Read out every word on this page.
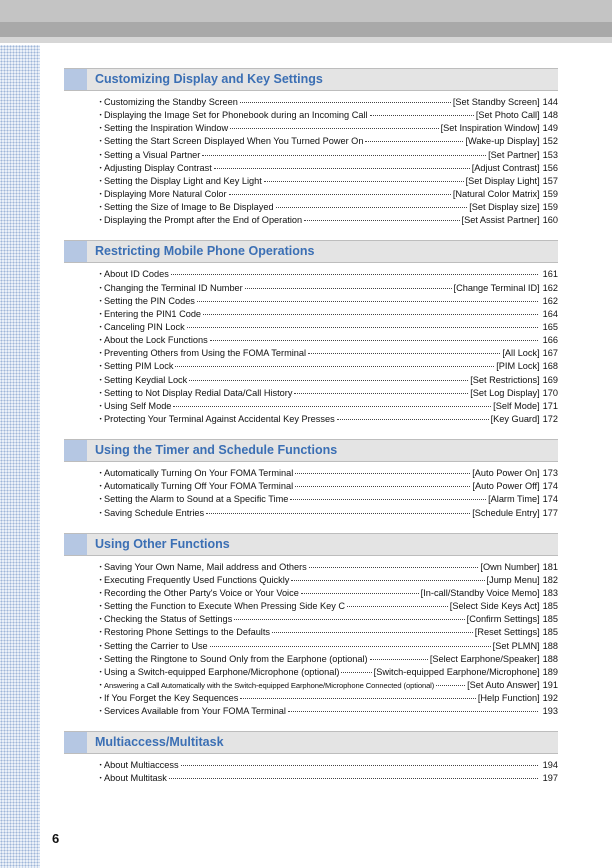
Customizing Display and Key Settings
・
Customizing the Standby Screen	[Set Standby Screen] 144
・
Displaying the Image Set for Phonebook during an Incoming Call	[Set Photo Call] 148
・
Setting the Inspiration Window	[Set Inspiration Window] 149
・
Setting the Start Screen Displayed When You Turned Power On	[Wake-up Display] 152
・
Setting a Visual Partner	[Set Partner] 153
・
Adjusting Display Contrast	[Adjust Contrast] 156
・
Setting the Display Light and Key Light	[Set Display Light] 157
・
Displaying More Natural Color	[Natural Color Matrix] 159
・
Setting the Size of Image to Be Displayed	[Set Display size] 159
・
Displaying the Prompt after the End of Operation	[Set Assist Partner] 160
Restricting Mobile Phone Operations
・
About ID Codes	161
・
Changing the Terminal ID Number	[Change Terminal ID] 162
・
Setting the PIN Codes	162
・
Entering the PIN1 Code	164
・
Canceling PIN Lock	165
・
About the Lock Functions	166
・
Preventing Others from Using the FOMA Terminal	[All Lock] 167
・
Setting PIM Lock	[PIM Lock] 168
・
Setting Keydial Lock	[Set Restrictions] 169
・
Setting to Not Display Redial Data/Call History	[Set Log Display] 170
・
Using Self Mode	[Self Mode] 171
・
Protecting Your Terminal Against Accidental Key Presses	[Key Guard] 172
Using the Timer and Schedule Functions
・
Automatically Turning On Your FOMA Terminal	[Auto Power On] 173
・
Automatically Turning Off Your FOMA Terminal	[Auto Power Off] 174
・
Setting the Alarm to Sound at a Specific Time	[Alarm Time] 174
・
Saving Schedule Entries	[Schedule Entry] 177
Using Other Functions
・
Saving Your Own Name, Mail address and Others	[Own Number] 181
・
Executing Frequently Used Functions Quickly	[Jump Menu] 182
・
Recording the Other Party's Voice or Your Voice	[In-call/Standby Voice Memo] 183
・
Setting the Function to Execute When Pressing Side Key C	[Select Side Keys Act] 185
・
Checking the Status of Settings	[Confirm Settings] 185
・
Restoring Phone Settings to the Defaults	[Reset Settings] 185
・
Setting the Carrier to Use	[Set PLMN] 188
・
Setting the Ringtone to Sound Only from the Earphone (optional)	[Select Earphone/Speaker] 188
・
Using a Switch-equipped Earphone/Microphone (optional)	[Switch-equipped Earphone/Microphone] 189
・
Answering a Call Automatically with the Switch-equipped Earphone/Microphone Connected (optional)	[Set Auto Answer] 191
・
If You Forget the Key Sequences	[Help Function] 192
・
Services Available from Your FOMA Terminal	193
Multiaccess/Multitask
・
About Multiaccess	194
・
About Multitask	197
6
